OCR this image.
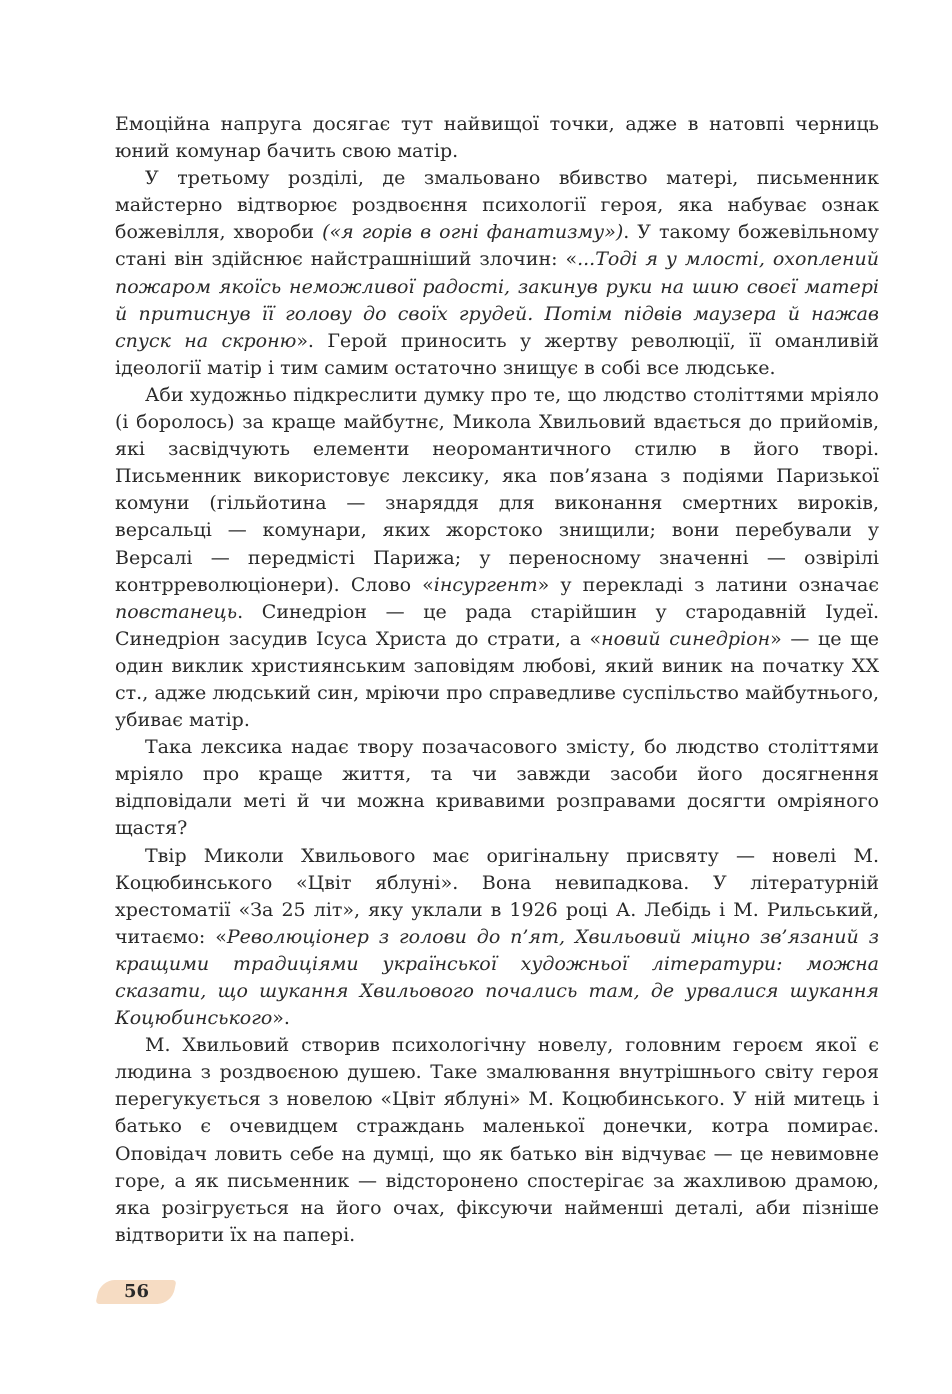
Емоційна напруга досягає тут найвищої точки, адже в натовпі черниць юний комунар бачить свою матір.

У третьому розділі, де змальовано вбивство матері, письменник майстерно відтворює роздвоєння психології героя, яка набуває ознак божевілля, хвороби («я горів в огні фанатизму»). У такому божевільному стані він здійснює найстрашніший злочин: «...Тоді я у млості, охоплений пожаром якоїсь неможливої радості, закинув руки на шию своєї матері й притиснув її голову до своїх грудей. Потім підвів маузера й нажав спуск на скроню». Герой приносить у жертву революції, її оманливій ідеології матір і тим самим остаточно знищує в собі все людське.

Аби художньо підкреслити думку про те, що людство століттями мріяло (і боролось) за краще майбутнє, Микола Хвильовий вдається до прийомів, які засвідчують елементи неоромантичного стилю в його творі. Письменник використовує лексику, яка пов’язана з подіями Паризької комуни (гільйотина — знаряддя для виконання смертних вироків, версальці — комунари, яких жорстоко знищили; вони перебували у Версалі — передмісті Парижа; у переносному значенні — озвірілі контрреволюціонери). Слово «інсургент» у перекладі з латини означає повстанець. Синедріон — це рада старійшин у стародавній Іудеї. Синедріон засудив Ісуса Христа до страти, а «новий синедріон» — це ще один виклик християнським заповідям любові, який виник на початку XX ст., адже людський син, мріючи про справедливе суспільство майбутнього, убиває матір.

Така лексика надає твору позачасового змісту, бо людство століттями мріяло про краще життя, та чи завжди засоби його досягнення відповідали меті й чи можна кривавими розправами досягти омріяного щастя?

Твір Миколи Хвильового має оригінальну присвяту — новелі М. Коцюбинського «Цвіт яблуні». Вона невипадкова. У літературній хрестоматії «За 25 літ», яку уклали в 1926 році А. Лебідь і М. Рильський, читаємо: «Революціонер з голови до п’ят, Хвильовий міцно зв’язаний з кращими традиціями української художньої літератури: можна сказати, що шукання Хвильового почались там, де урвалися шукання Коцюбинського».

М. Хвильовий створив психологічну новелу, головним героєм якої є людина з роздвоєною душею. Таке змалювання внутрішнього світу героя перегукується з новелою «Цвіт яблуні» М. Коцюбинського. У ній митець і батько є очевидцем страждань маленької донечки, котра помирає. Оповідач ловить себе на думці, що як батько він відчуває — це невимовне горе, а як письменник — відсторонено спостерігає за жахливою драмою, яка розігрується на його очах, фіксуючи найменші деталі, аби пізніше відтворити їх на папері.

56
